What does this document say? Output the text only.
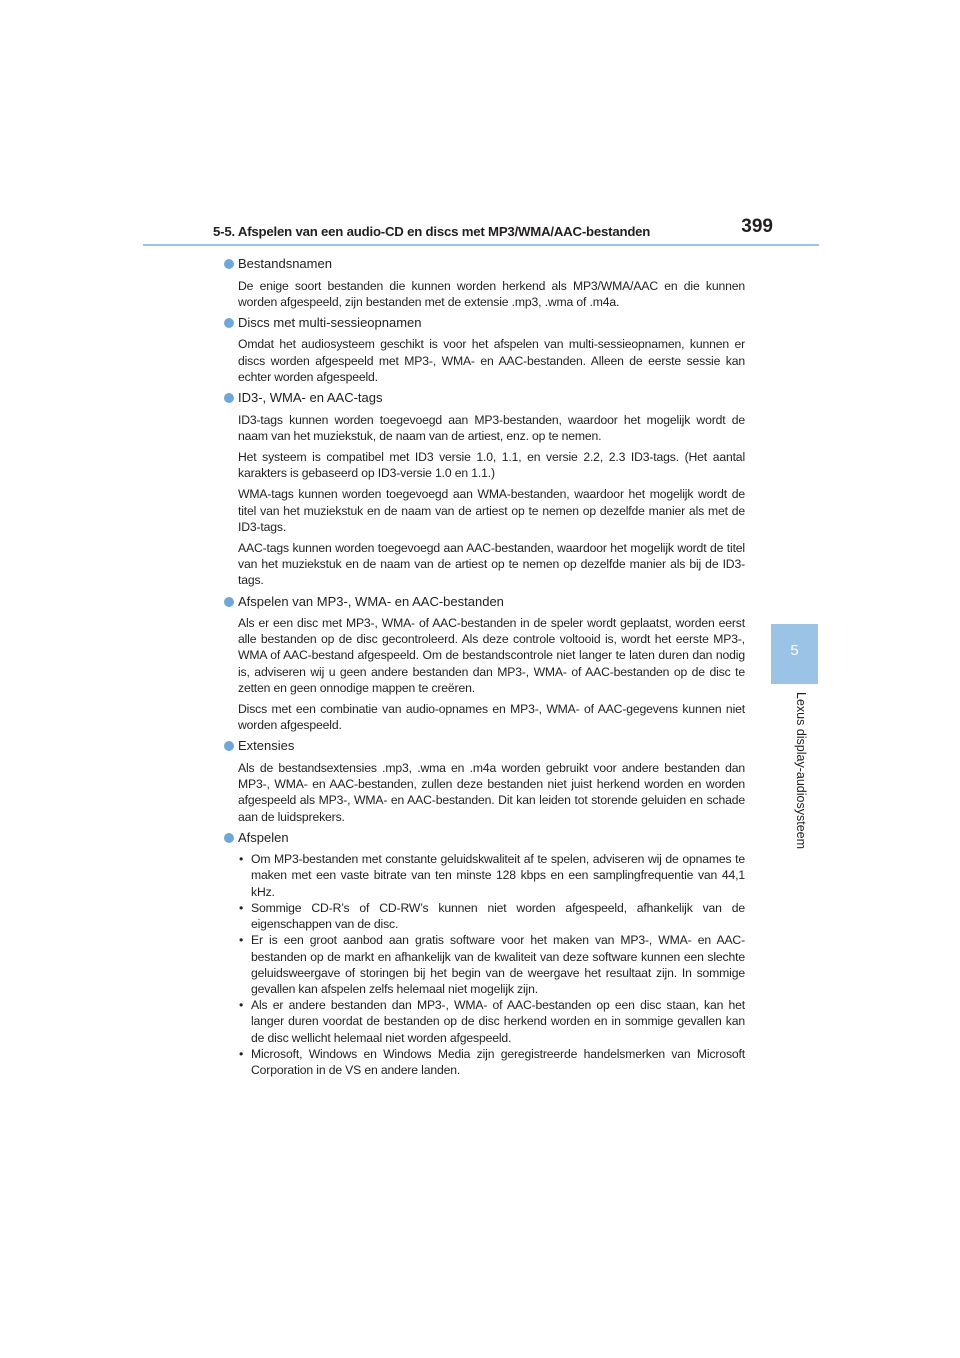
5-5. Afspelen van een audio-CD en discs met MP3/WMA/AAC-bestanden	399
5
Lexus display-audiosysteem
Bestandsnamen

De enige soort bestanden die kunnen worden herkend als MP3/WMA/AAC en die kunnen worden afgespeeld, zijn bestanden met de extensie .mp3, .wma of .m4a.

Discs met multi-sessieopnamen

Omdat het audiosysteem geschikt is voor het afspelen van multi-sessieopnamen, kunnen er discs worden afgespeeld met MP3-, WMA- en AAC-bestanden. Alleen de eerste sessie kan echter worden afgespeeld.

ID3-, WMA- en AAC-tags

ID3-tags kunnen worden toegevoegd aan MP3-bestanden, waardoor het mogelijk wordt de naam van het muziekstuk, de naam van de artiest, enz. op te nemen.

Het systeem is compatibel met ID3 versie 1.0, 1.1, en versie 2.2, 2.3 ID3-tags. (Het aantal karakters is gebaseerd op ID3-versie 1.0 en 1.1.)

WMA-tags kunnen worden toegevoegd aan WMA-bestanden, waardoor het mogelijk wordt de titel van het muziekstuk en de naam van de artiest op te nemen op dezelfde manier als met de ID3-tags.

AAC-tags kunnen worden toegevoegd aan AAC-bestanden, waardoor het mogelijk wordt de titel van het muziekstuk en de naam van de artiest op te nemen op dezelfde manier als bij de ID3-tags.

Afspelen van MP3-, WMA- en AAC-bestanden

Als er een disc met MP3-, WMA- of AAC-bestanden in de speler wordt geplaatst, worden eerst alle bestanden op de disc gecontroleerd. Als deze controle voltooid is, wordt het eerste MP3-, WMA of AAC-bestand afgespeeld. Om de bestandscontrole niet langer te laten duren dan nodig is, adviseren wij u geen andere bestanden dan MP3-, WMA- of AAC-bestanden op de disc te zetten en geen onnodige mappen te creëren.

Discs met een combinatie van audio-opnames en MP3-, WMA- of AAC-gegevens kunnen niet worden afgespeeld.

Extensies

Als de bestandsextensies .mp3, .wma en .m4a worden gebruikt voor andere bestanden dan MP3-, WMA- en AAC-bestanden, zullen deze bestanden niet juist herkend worden en worden afgespeeld als MP3-, WMA- en AAC-bestanden. Dit kan leiden tot storende geluiden en schade aan de luidsprekers.

Afspelen
• Om MP3-bestanden met constante geluidskwaliteit af te spelen, adviseren wij de opnames te maken met een vaste bitrate van ten minste 128 kbps en een samplingfrequentie van 44,1 kHz.
• Sommige CD-R’s of CD-RW’s kunnen niet worden afgespeeld, afhankelijk van de eigenschappen van de disc.
• Er is een groot aanbod aan gratis software voor het maken van MP3-, WMA- en AAC-bestanden op de markt en afhankelijk van de kwaliteit van deze software kunnen een slechte geluidsweergave of storingen bij het begin van de weergave het resultaat zijn. In sommige gevallen kan afspelen zelfs helemaal niet mogelijk zijn.
• Als er andere bestanden dan MP3-, WMA- of AAC-bestanden op een disc staan, kan het langer duren voordat de bestanden op de disc herkend worden en in sommige gevallen kan de disc wellicht helemaal niet worden afgespeeld.
• Microsoft, Windows en Windows Media zijn geregistreerde handelsmerken van Microsoft Corporation in de VS en andere landen.
